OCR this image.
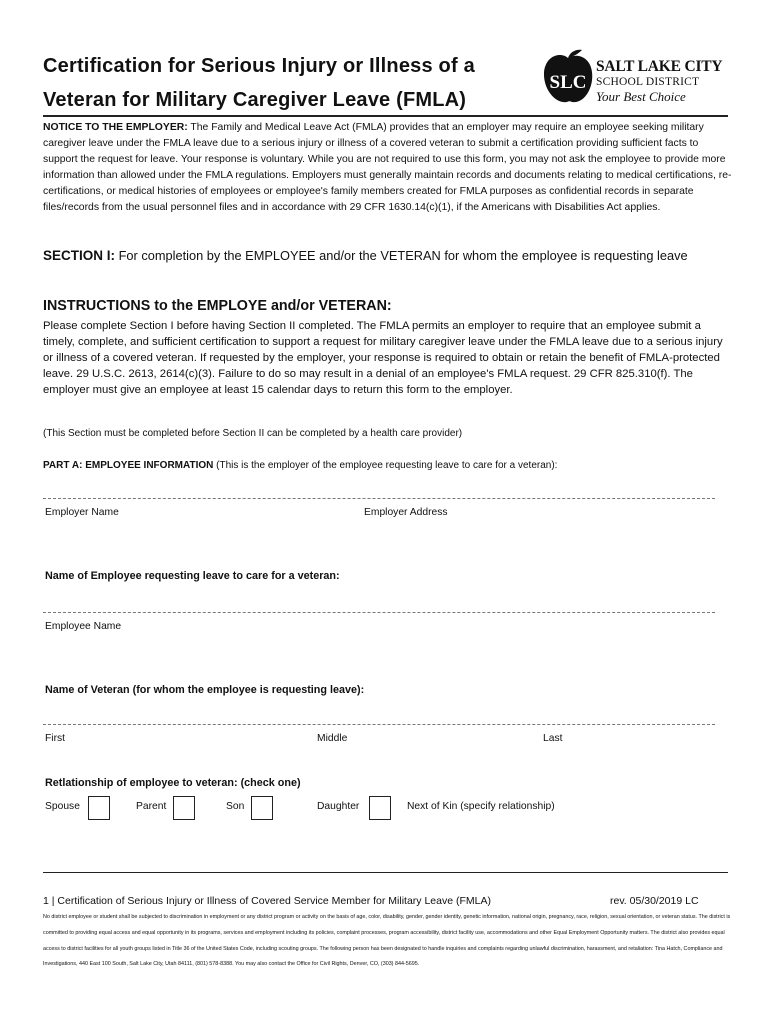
Certification for Serious Injury or Illness of a
Veteran for Military Caregiver Leave (FMLA)
SLC
SALT LAKE CITY
SCHOOL DISTRICT
Your Best Choice
NOTICE TO THE EMPLOYER: The Family and Medical Leave Act (FMLA) provides that an employer may require an employee seeking military caregiver leave under the FMLA leave due to a serious injury or illness of a covered veteran to submit a certification providing sufficient facts to support the request for leave. Your response is voluntary. While you are not required to use this form, you may not ask the employee to provide more information than allowed under the FMLA regulations. Employers must generally maintain records and documents relating to medical certifications, re-certifications, or medical histories of employees or employee's family members created for FMLA purposes as confidential records in separate files/records from the usual personnel files and in accordance with 29 CFR 1630.14(c)(1), if the Americans with Disabilities Act applies.
SECTION I: For completion by the EMPLOYEE and/or the VETERAN for whom the employee is requesting leave
INSTRUCTIONS to the EMPLOYE and/or VETERAN:
Please complete Section I before having Section II completed. The FMLA permits an employer to require that an employee submit a timely, complete, and sufficient certification to support a request for military caregiver leave under the FMLA leave due to a serious injury or illness of a covered veteran. If requested by the employer, your response is required to obtain or retain the benefit of FMLA-protected leave. 29 U.S.C. 2613, 2614(c)(3). Failure to do so may result in a denial of an employee's FMLA request. 29 CFR 825.310(f). The employer must give an employee at least 15 calendar days to return this form to the employer.
(This Section must be completed before Section II can be completed by a health care provider)
PART A: EMPLOYEE INFORMATION (This is the employer of the employee requesting leave to care for a veteran):
Employer Name	Employer Address
Name of Employee requesting leave to care for a veteran:
Employee Name
Name of Veteran (for whom the employee is requesting leave):
First	Middle	Last
Retlationship of employee to veteran: (check one)
Spouse	Parent	Son	Daughter	Next of Kin (specify relationship)
1 | Certification of Serious Injury or Illness of Covered Service Member for Military Leave (FMLA)	rev. 05/30/2019 LC
No district employee or student shall be subjected to discrimination in employment or any district program or activity on the basis of age, color, disability, gender, gender identity, genetic information, national origin, pregnancy, race, religion, sexual orientation, or veteran status. The district is committed to providing equal access and equal opportunity in its programs, services and employment including its policies, complaint processes, program accessibility, district facility use, accommodations and other Equal Employment Opportunity matters. The district also provides equal access to district facilities for all youth groups listed in Title 36 of the United States Code, including scouting groups. The following person has been designated to handle inquiries and complaints regarding unlawful discrimination, harassment, and retaliation: Tina Hatch, Compliance and Investigations, 440 East 100 South, Salt Lake City, Utah 84111, (801) 578-8388. You may also contact the Office for Civil Rights, Denver, CO, (303) 844-5695.
